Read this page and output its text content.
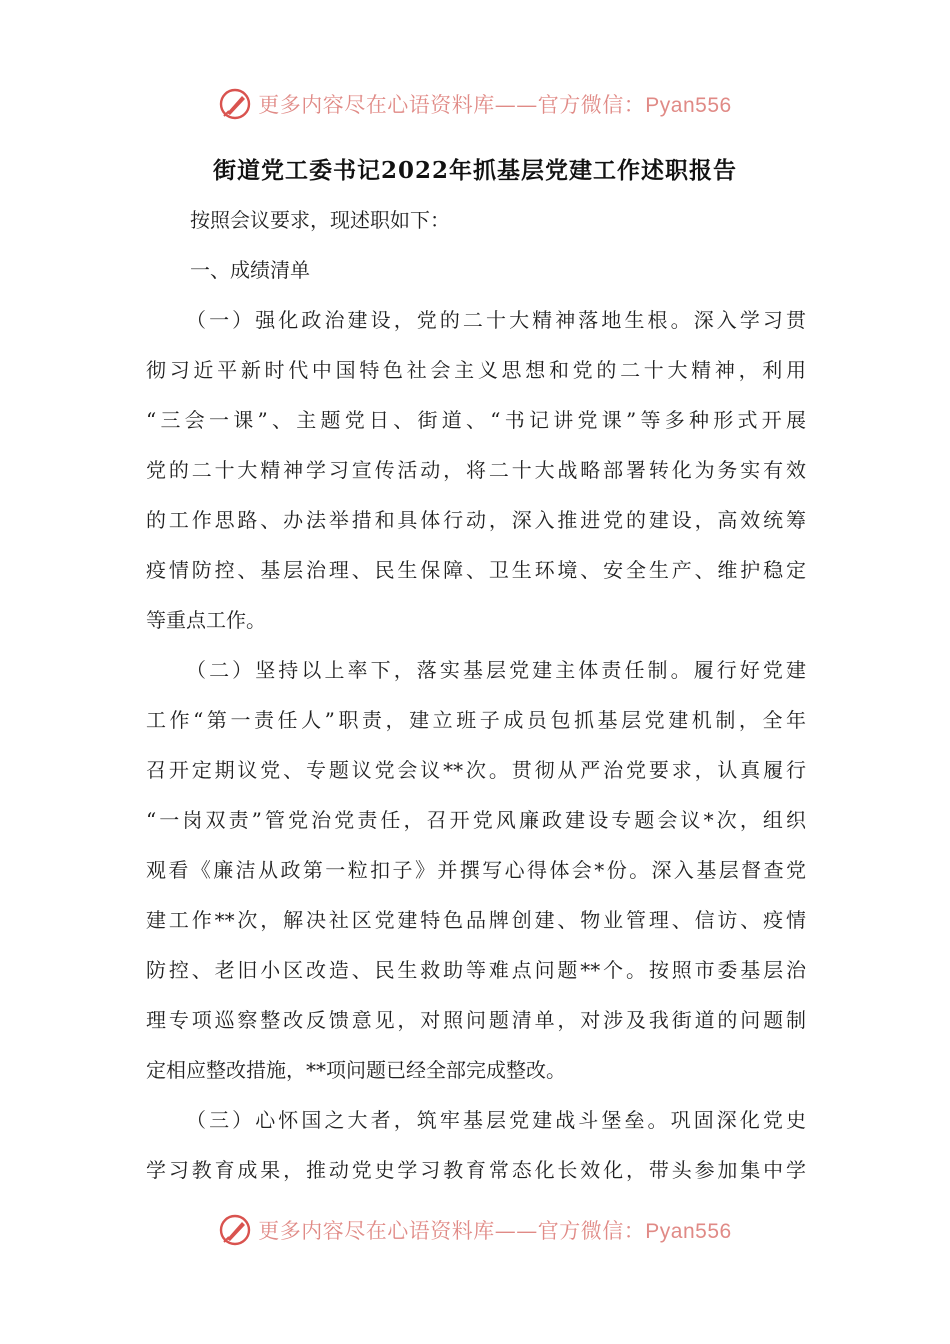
更多内容尽在心语资料库——官方微信：Pyan556
街道党工委书记2022年抓基层党建工作述职报告
按照会议要求，现述职如下：
一、成绩清单
（一）强化政治建设，党的二十大精神落地生根。深入学习贯
彻习近平新时代中国特色社会主义思想和党的二十大精神，利用
“三会一课”、主题党日、街道、“书记讲党课”等多种形式开展
党的二十大精神学习宣传活动，将二十大战略部署转化为务实有效
的工作思路、办法举措和具体行动，深入推进党的建设，高效统筹
疫情防控、基层治理、民生保障、卫生环境、安全生产、维护稳定
等重点工作。
（二）坚持以上率下，落实基层党建主体责任制。履行好党建
工作“第一责任人”职责，建立班子成员包抓基层党建机制，全年
召开定期议党、专题议党会议**次。贯彻从严治党要求，认真履行
“一岗双责”管党治党责任，召开党风廉政建设专题会议*次，组织
观看《廉洁从政第一粒扣子》并撰写心得体会*份。深入基层督查党
建工作**次，解决社区党建特色品牌创建、物业管理、信访、疫情
防控、老旧小区改造、民生救助等难点问题**个。按照市委基层治
理专项巡察整改反馈意见，对照问题清单，对涉及我街道的问题制
定相应整改措施，**项问题已经全部完成整改。
（三）心怀国之大者，筑牢基层党建战斗堡垒。巩固深化党史
学习教育成果，推动党史学习教育常态化长效化，带头参加集中学
更多内容尽在心语资料库——官方微信：Pyan556
